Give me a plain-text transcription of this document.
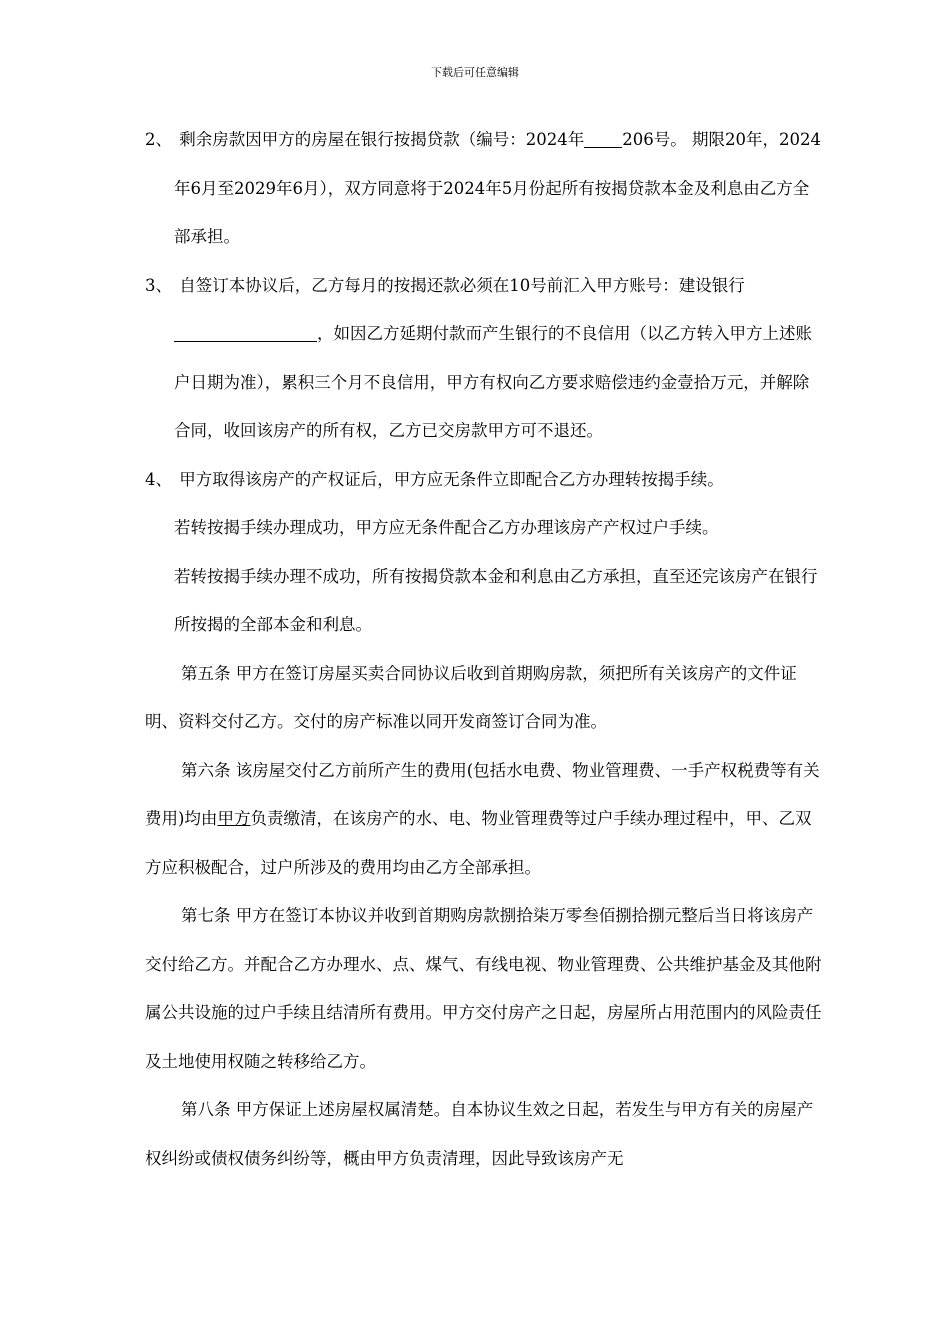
下载后可任意编辑

2、 剩余房款因甲方的房屋在银行按揭贷款（编号：2024年 206号。 期限20年，2024年6月至2029年6月），双方同意将于2024年5月份起所有按揭贷款本金及利息由乙方全部承担。

3、 自签订本协议后，乙方每月的按揭还款必须在10号前汇入甲方账号：建设银行，如因乙方延期付款而产生银行的不良信用（以乙方转入甲方上述账户日期为准），累积三个月不良信用，甲方有权向乙方要求赔偿违约金壹拾万元，并解除合同，收回该房产的所有权，乙方已交房款甲方可不退还。

4、 甲方取得该房产的产权证后，甲方应无条件立即配合乙方办理转按揭手续。
若转按揭手续办理成功，甲方应无条件配合乙方办理该房产产权过户手续。
若转按揭手续办理不成功，所有按揭贷款本金和利息由乙方承担，直至还完该房产在银行所按揭的全部本金和利息。

第五条 甲方在签订房屋买卖合同协议后收到首期购房款，须把所有关该房产的文件证明、资料交付乙方。交付的房产标准以同开发商签订合同为准。

第六条 该房屋交付乙方前所产生的费用(包括水电费、物业管理费、一手产权税费等有关费用)均由甲方负责缴清，在该房产的水、电、物业管理费等过户手续办理过程中，甲、乙双方应积极配合，过户所涉及的费用均由乙方全部承担。

第七条 甲方在签订本协议并收到首期购房款捌拾柒万零叁佰捌拾捌元整后当日将该房产交付给乙方。并配合乙方办理水、点、煤气、有线电视、物业管理费、公共维护基金及其他附属公共设施的过户手续且结清所有费用。甲方交付房产之日起，房屋所占用范围内的风险责任及土地使用权随之转移给乙方。

第八条 甲方保证上述房屋权属清楚。自本协议生效之日起，若发生与甲方有关的房屋产权纠纷或债权债务纠纷等，概由甲方负责清理，因此导致该房产无
